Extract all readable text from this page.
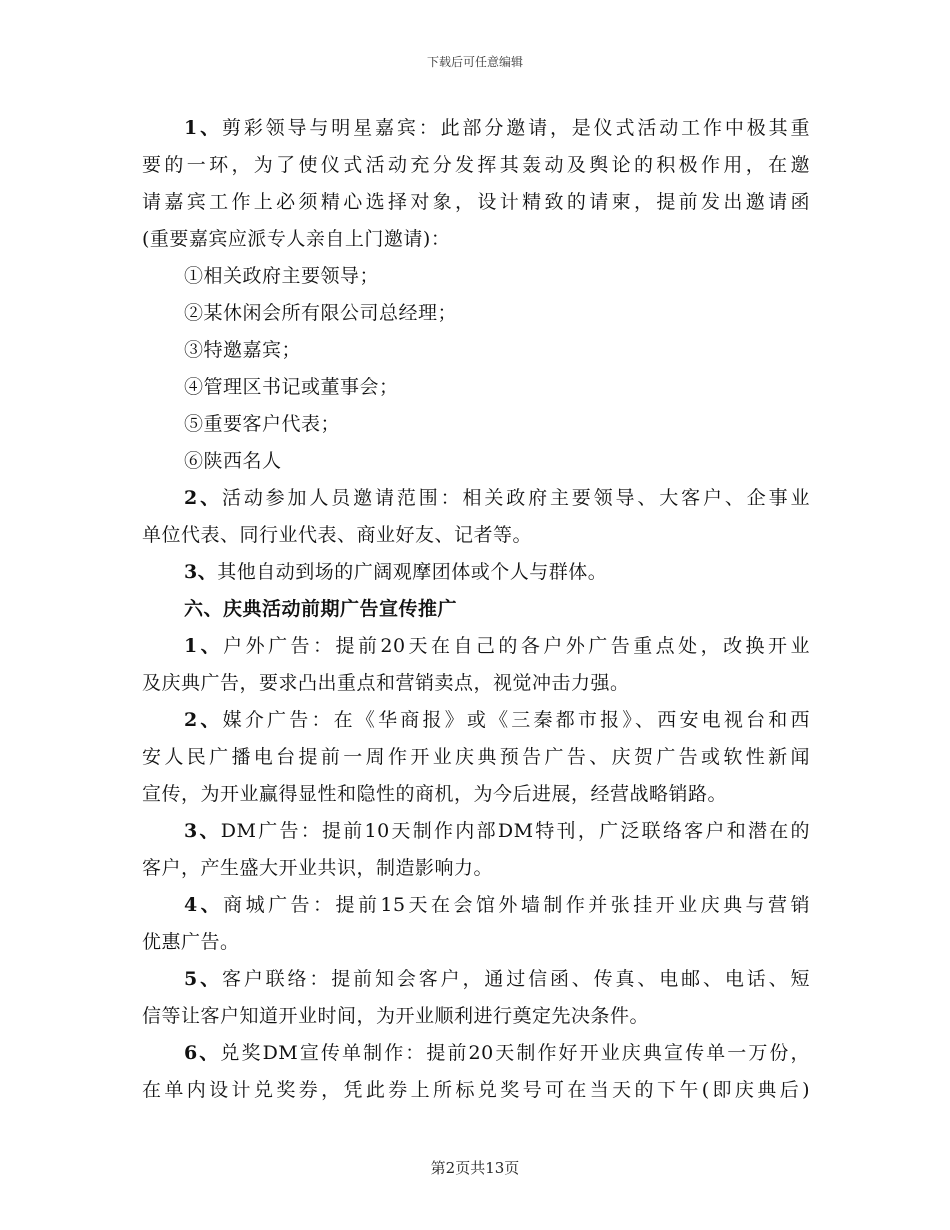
下载后可任意编辑
1、剪彩领导与明星嘉宾：此部分邀请，是仪式活动工作中极其重
要的一环，为了使仪式活动充分发挥其轰动及舆论的积极作用，在邀
请嘉宾工作上必须精心选择对象，设计精致的请柬，提前发出邀请函
(重要嘉宾应派专人亲自上门邀请)：
①相关政府主要领导；
②某休闲会所有限公司总经理；
③特邀嘉宾；
④管理区书记或董事会；
⑤重要客户代表；
⑥陕西名人
2、活动参加人员邀请范围：相关政府主要领导、大客户、企事业
单位代表、同行业代表、商业好友、记者等。
3、其他自动到场的广阔观摩团体或个人与群体。
六、庆典活动前期广告宣传推广
1、户外广告：提前20天在自己的各户外广告重点处，改换开业
及庆典广告，要求凸出重点和营销卖点，视觉冲击力强。
2、媒介广告：在《华商报》或《三秦都市报》、西安电视台和西
安人民广播电台提前一周作开业庆典预告广告、庆贺广告或软性新闻
宣传，为开业赢得显性和隐性的商机，为今后进展，经营战略销路。
3、DM广告：提前10天制作内部DM特刊，广泛联络客户和潜在的
客户，产生盛大开业共识，制造影响力。
4、商城广告：提前15天在会馆外墙制作并张挂开业庆典与营销
优惠广告。
5、客户联络：提前知会客户，通过信函、传真、电邮、电话、短
信等让客户知道开业时间，为开业顺利进行奠定先决条件。
6、兑奖DM宣传单制作：提前20天制作好开业庆典宣传单一万份，
在单内设计兑奖券，凭此券上所标兑奖号可在当天的下午(即庆典后)
第2页共13页
